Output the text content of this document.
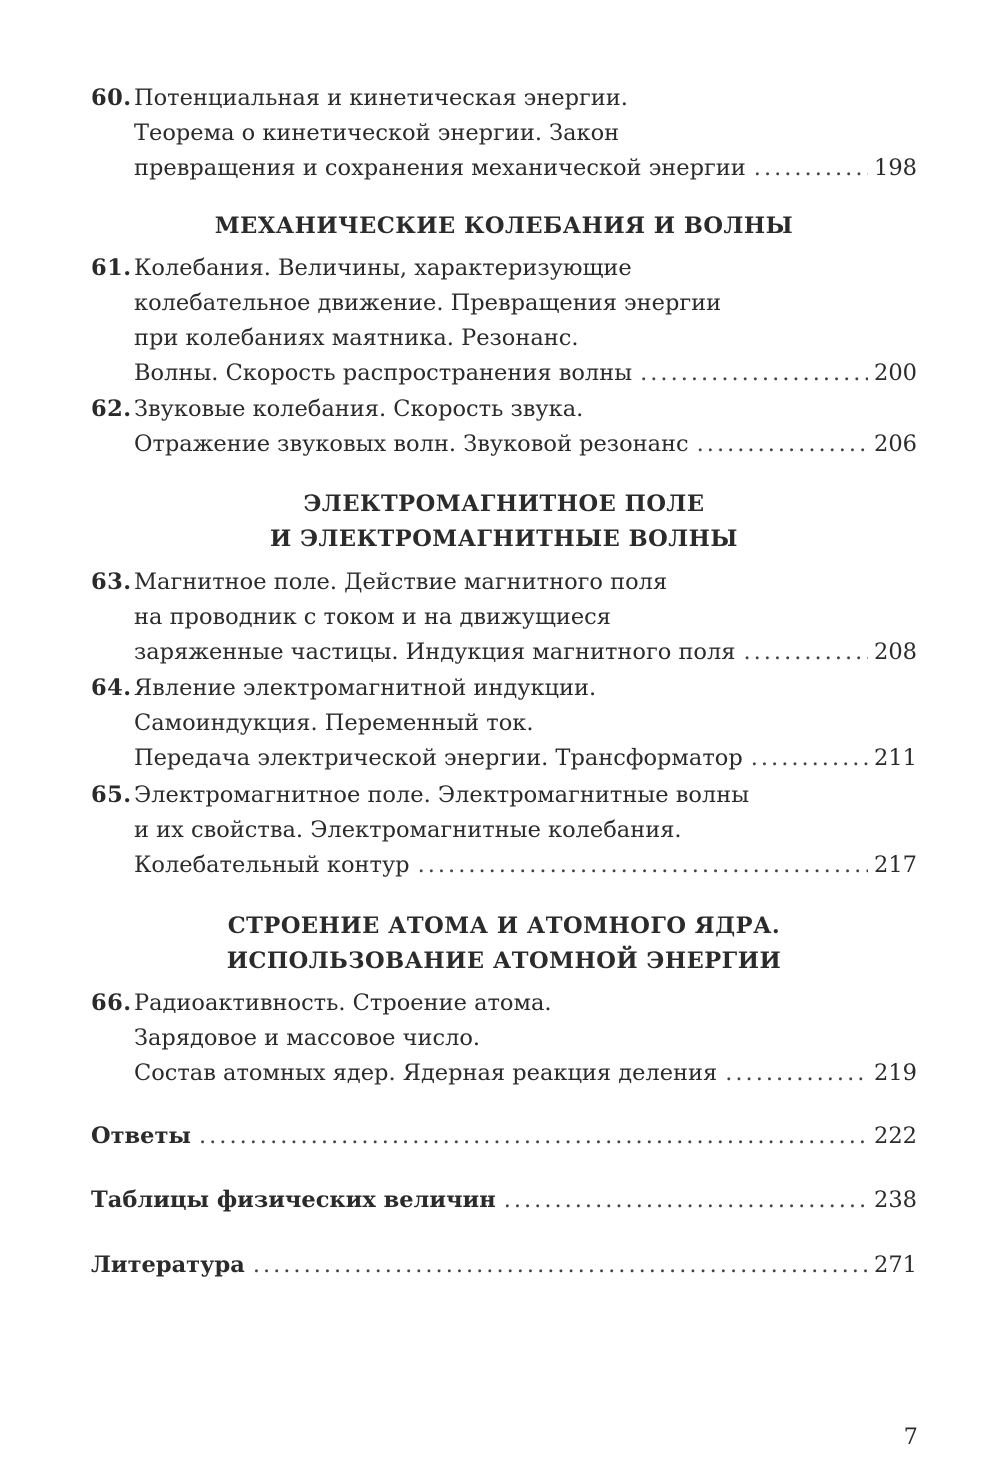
60. Потенциальная и кинетическая энергии.
Теорема о кинетической энергии. Закон
превращения и сохранения механической энергии .....	198
МЕХАНИЧЕСКИЕ КОЛЕБАНИЯ И ВОЛНЫ
61. Колебания. Величины, характеризующие
колебательное движение. Превращения энергии
при колебаниях маятника. Резонанс.
Волны. Скорость распространения волны .....	200
62. Звуковые колебания. Скорость звука.
Отражение звуковых волн. Звуковой резонанс .....	206
ЭЛЕКТРОМАГНИТНОЕ ПОЛЕ
И ЭЛЕКТРОМАГНИТНЫЕ ВОЛНЫ
63. Магнитное поле. Действие магнитного поля
на проводник с током и на движущиеся
заряженные частицы. Индукция магнитного поля .....	208
64. Явление электромагнитной индукции.
Самоиндукция. Переменный ток.
Передача электрической энергии. Трансформатор .....	211
65. Электромагнитное поле. Электромагнитные волны
и их свойства. Электромагнитные колебания.
Колебательный контур .....	217
СТРОЕНИЕ АТОМА И АТОМНОГО ЯДРА.
ИСПОЛЬЗОВАНИЕ АТОМНОЙ ЭНЕРГИИ
66. Радиоактивность. Строение атома.
Зарядовое и массовое число.
Состав атомных ядер. Ядерная реакция деления .....	219
Ответы .....	222
Таблицы физических величин .....	238
Литература .....	271
7
